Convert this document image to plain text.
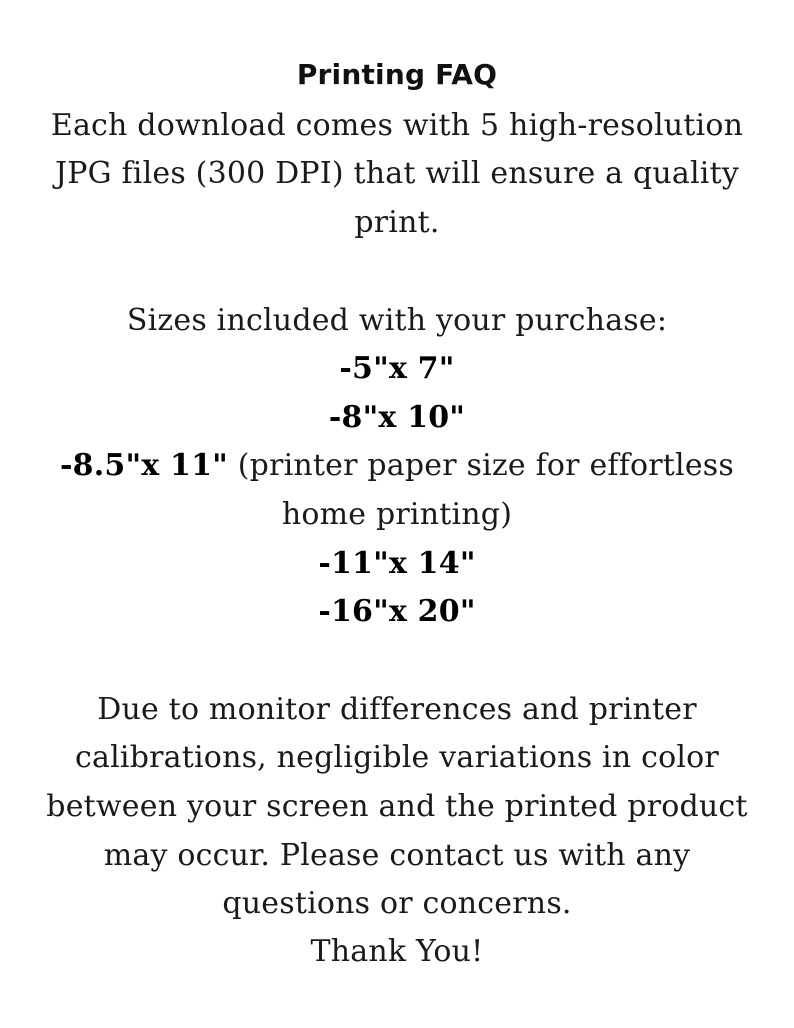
Printing FAQ
Each download comes with 5 high-resolution
JPG files (300 DPI) that will ensure a quality
print.
Sizes included with your purchase:
-5"x 7"
-8"x 10"
-8.5"x 11" (printer paper size for effortless
home printing)
-11"x 14"
-16"x 20"
Due to monitor differences and printer
calibrations, negligible variations in color
between your screen and the printed product
may occur. Please contact us with any
questions or concerns.
Thank You!
